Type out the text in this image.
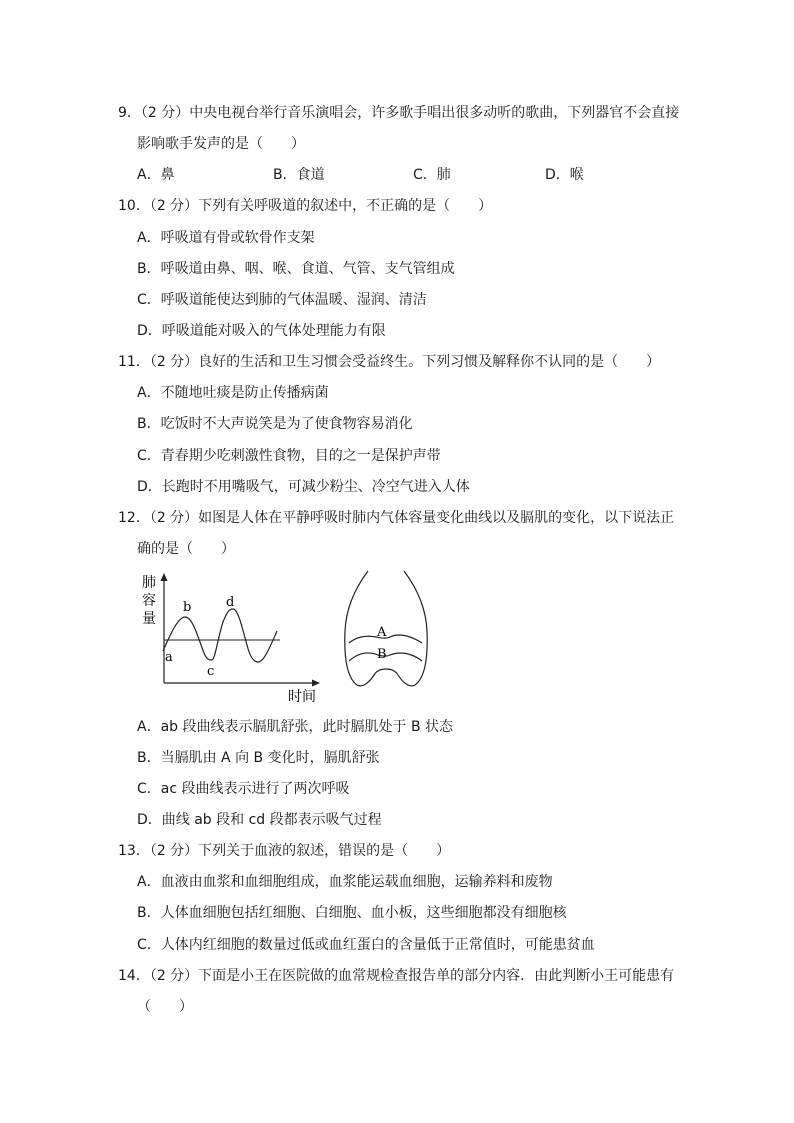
9．（2 分）中央电视台举行音乐演唱会，许多歌手唱出很多动听的歌曲，下列器官不会直接
影响歌手发声的是（　　）
A．鼻	B．食道	C．肺	D．喉
10．（2 分）下列有关呼吸道的叙述中，不正确的是（　　）
A．呼吸道有骨或软骨作支架
B．呼吸道由鼻、咽、喉、食道、气管、支气管组成
C．呼吸道能使达到肺的气体温暖、湿润、清洁
D．呼吸道能对吸入的气体处理能力有限
11．（2 分）良好的生活和卫生习惯会受益终生。下列习惯及解释你不认同的是（　　）
A．不随地吐痰是防止传播病菌
B．吃饭时不大声说笑是为了使食物容易消化
C．青春期少吃刺激性食物，目的之一是保护声带
D．长跑时不用嘴吸气，可减少粉尘、冷空气进入人体
12．（2 分）如图是人体在平静呼吸时肺内气体容量变化曲线以及膈肌的变化，以下说法正
确的是（　　）
肺
容
量
时间
a
b
c
d
A
B
A．ab 段曲线表示膈肌舒张，此时膈肌处于 B 状态
B．当膈肌由 A 向 B 变化时，膈肌舒张
C．ac 段曲线表示进行了两次呼吸
D．曲线 ab 段和 cd 段都表示吸气过程
13．（2 分）下列关于血液的叙述，错误的是（　　）
A．血液由血浆和血细胞组成，血浆能运载血细胞，运输养料和废物
B．人体血细胞包括红细胞、白细胞、血小板，这些细胞都没有细胞核
C．人体内红细胞的数量过低或血红蛋白的含量低于正常值时，可能患贫血
14．（2 分）下面是小王在医院做的血常规检查报告单的部分内容．由此判断小王可能患有
（　　）
